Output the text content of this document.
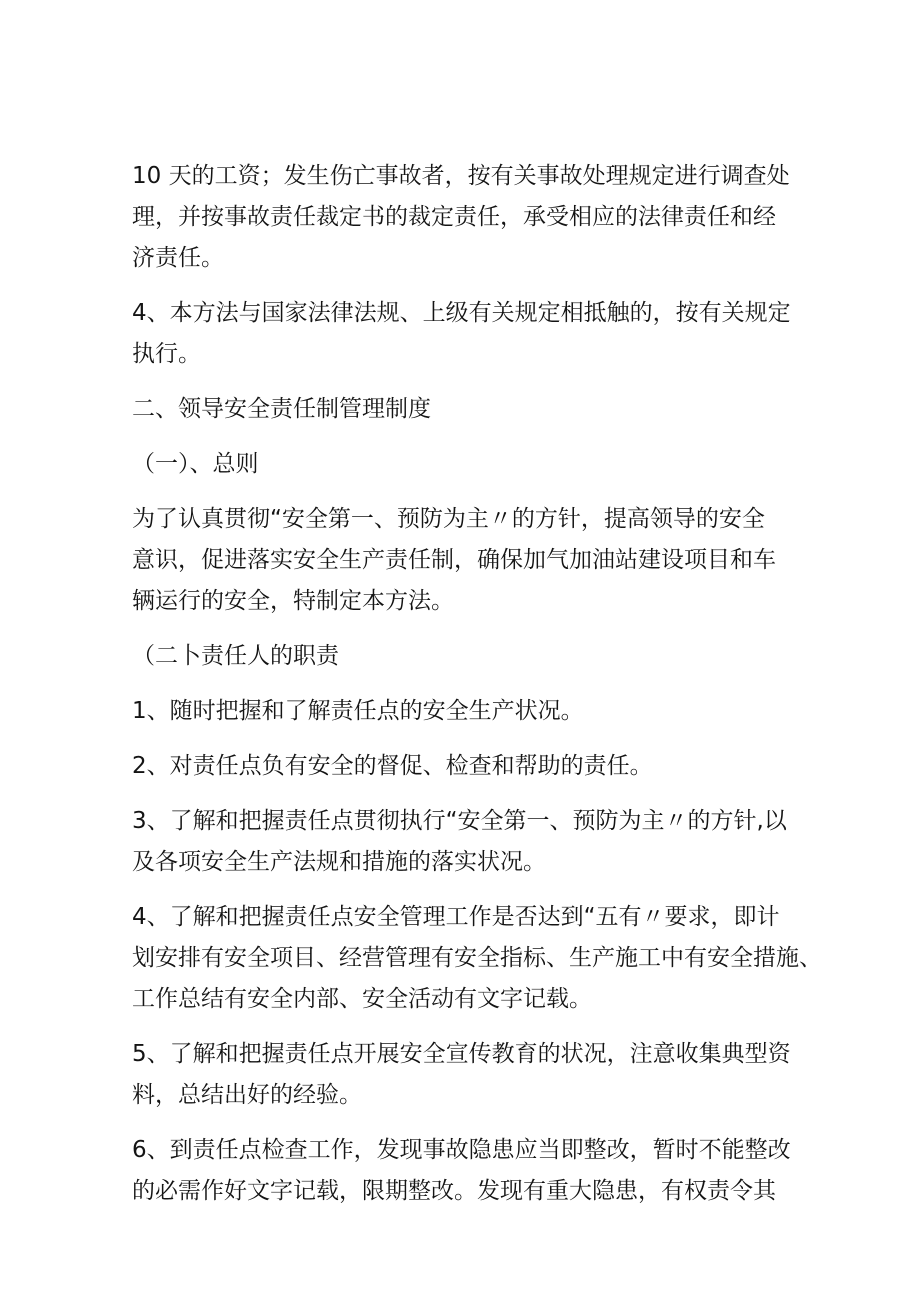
10 天的工资；发生伤亡事故者，按有关事故处理规定进行调查处
理，并按事故责任裁定书的裁定责任，承受相应的法律责任和经
济责任。

4、本方法与国家法律法规、上级有关规定相抵触的，按有关规定
执行。

二、领导安全责任制管理制度

（一）、总则

为了认真贯彻“安全第一、预防为主〃的方针，提高领导的安全
意识，促进落实安全生产责任制，确保加气加油站建设项目和车
辆运行的安全，特制定本方法。

（二卜责任人的职责

1、随时把握和了解责任点的安全生产状况。

2、对责任点负有安全的督促、检查和帮助的责任。

3、了解和把握责任点贯彻执行“安全第一、预防为主〃的方针,以
及各项安全生产法规和措施的落实状况。

4、了解和把握责任点安全管理工作是否达到“五有〃要求，即计
划安排有安全项目、经营管理有安全指标、生产施工中有安全措施、
工作总结有安全内部、安全活动有文字记载。

5、了解和把握责任点开展安全宣传教育的状况，注意收集典型资
料，总结出好的经验。

6、到责任点检查工作，发现事故隐患应当即整改，暂时不能整改
的必需作好文字记载，限期整改。发现有重大隐患，有权责令其
